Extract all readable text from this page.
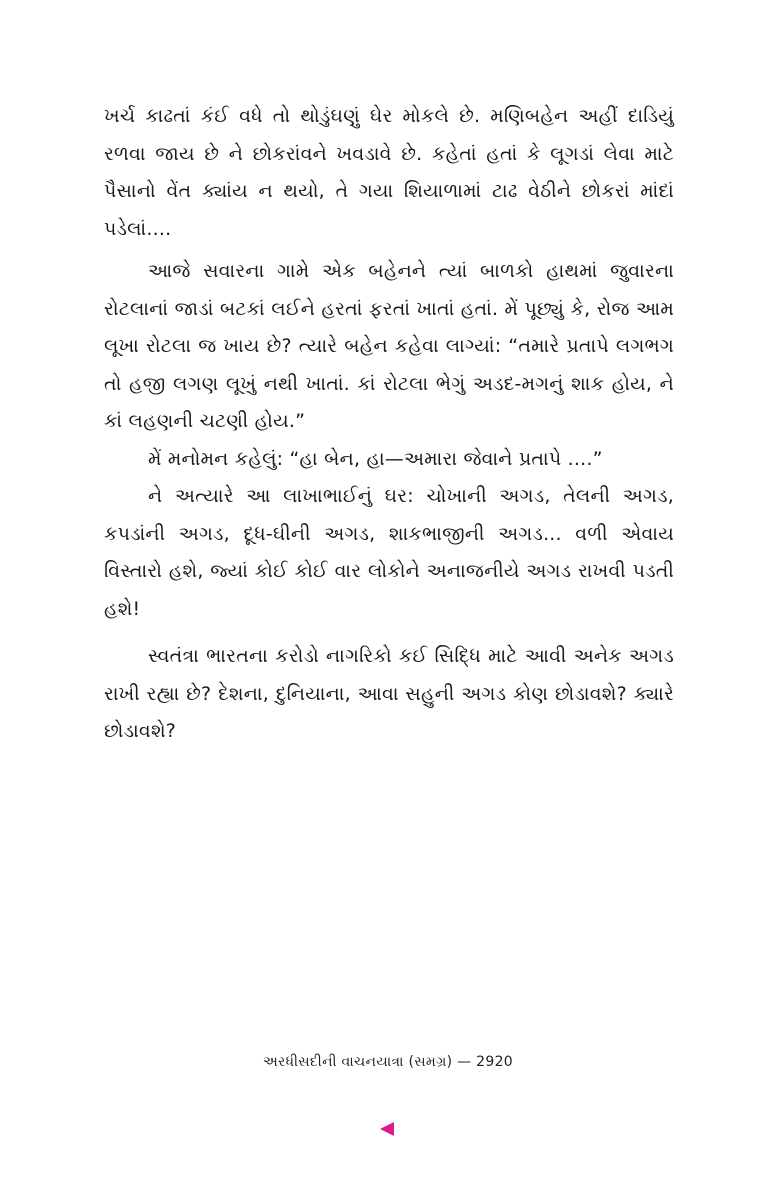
ખર્ચ કાઢતાં કંઈ વધે તો થોડુંઘણું ઘેર મોકલે છે. મણિબહેન અહીં દાડિયું રળવા જાય છે ને છોકરાંવને ખવડાવે છે. કહેતાં હતાં કે લૂગડાં લેવા માટે પૈસાનો વેંત ક્યાંય ન થયો, તે ગયા શિયાળામાં ટાઢ વેઠીને છોકરાં માંદાં પડેલાં....

આજે સવારના ગામે એક બહેનને ત્યાં બાળકો હાથમાં જુવારના રોટલાનાં જાડાં બટકાં લઈને હરતાં ફરતાં ખાતાં હતાં. મેં પૂછ્યું કે, રોજ આમ લૂખા રોટલા જ ખાય છે? ત્યારે બહેન કહેવા લાગ્યાં: “તમારે પ્રતાપે લગભગ તો હજી લગણ લૂખું નથી ખાતાં. કાં રોટલા ભેગું અડદ-મગનું શાક હોય, ને કાં લહણની ચટણી હોય.”

મેં મનોમન કહેલું: “હા બેન, હા—અમારા જેવાને પ્રતાપે ....”

ને અત્યારે આ લાખાભાઈનું ઘર: ચોખાની અગડ, તેલની અગડ, કપડાંની અગડ, દૂધ-ઘીની અગડ, શાકભાજીની અગડ... વળી એવાય વિસ્તારો હશે, જ્યાં કોઈ કોઈ વાર લોકોને અનાજનીયે અગડ રાખવી પડતી હશે!

સ્વતંત્રા ભારતના કરોડો નાગરિકો કઈ સિદ્ધિ માટે આવી અનેક અગડ રાખી રહ્યા છે? દેશના, દુનિયાના, આવા સહુની અગડ કોણ છોડાવશે? ક્યારે છોડાવશે?

અરધીસદીની વાચનયાત્રા (સમગ્ર) — 2920
